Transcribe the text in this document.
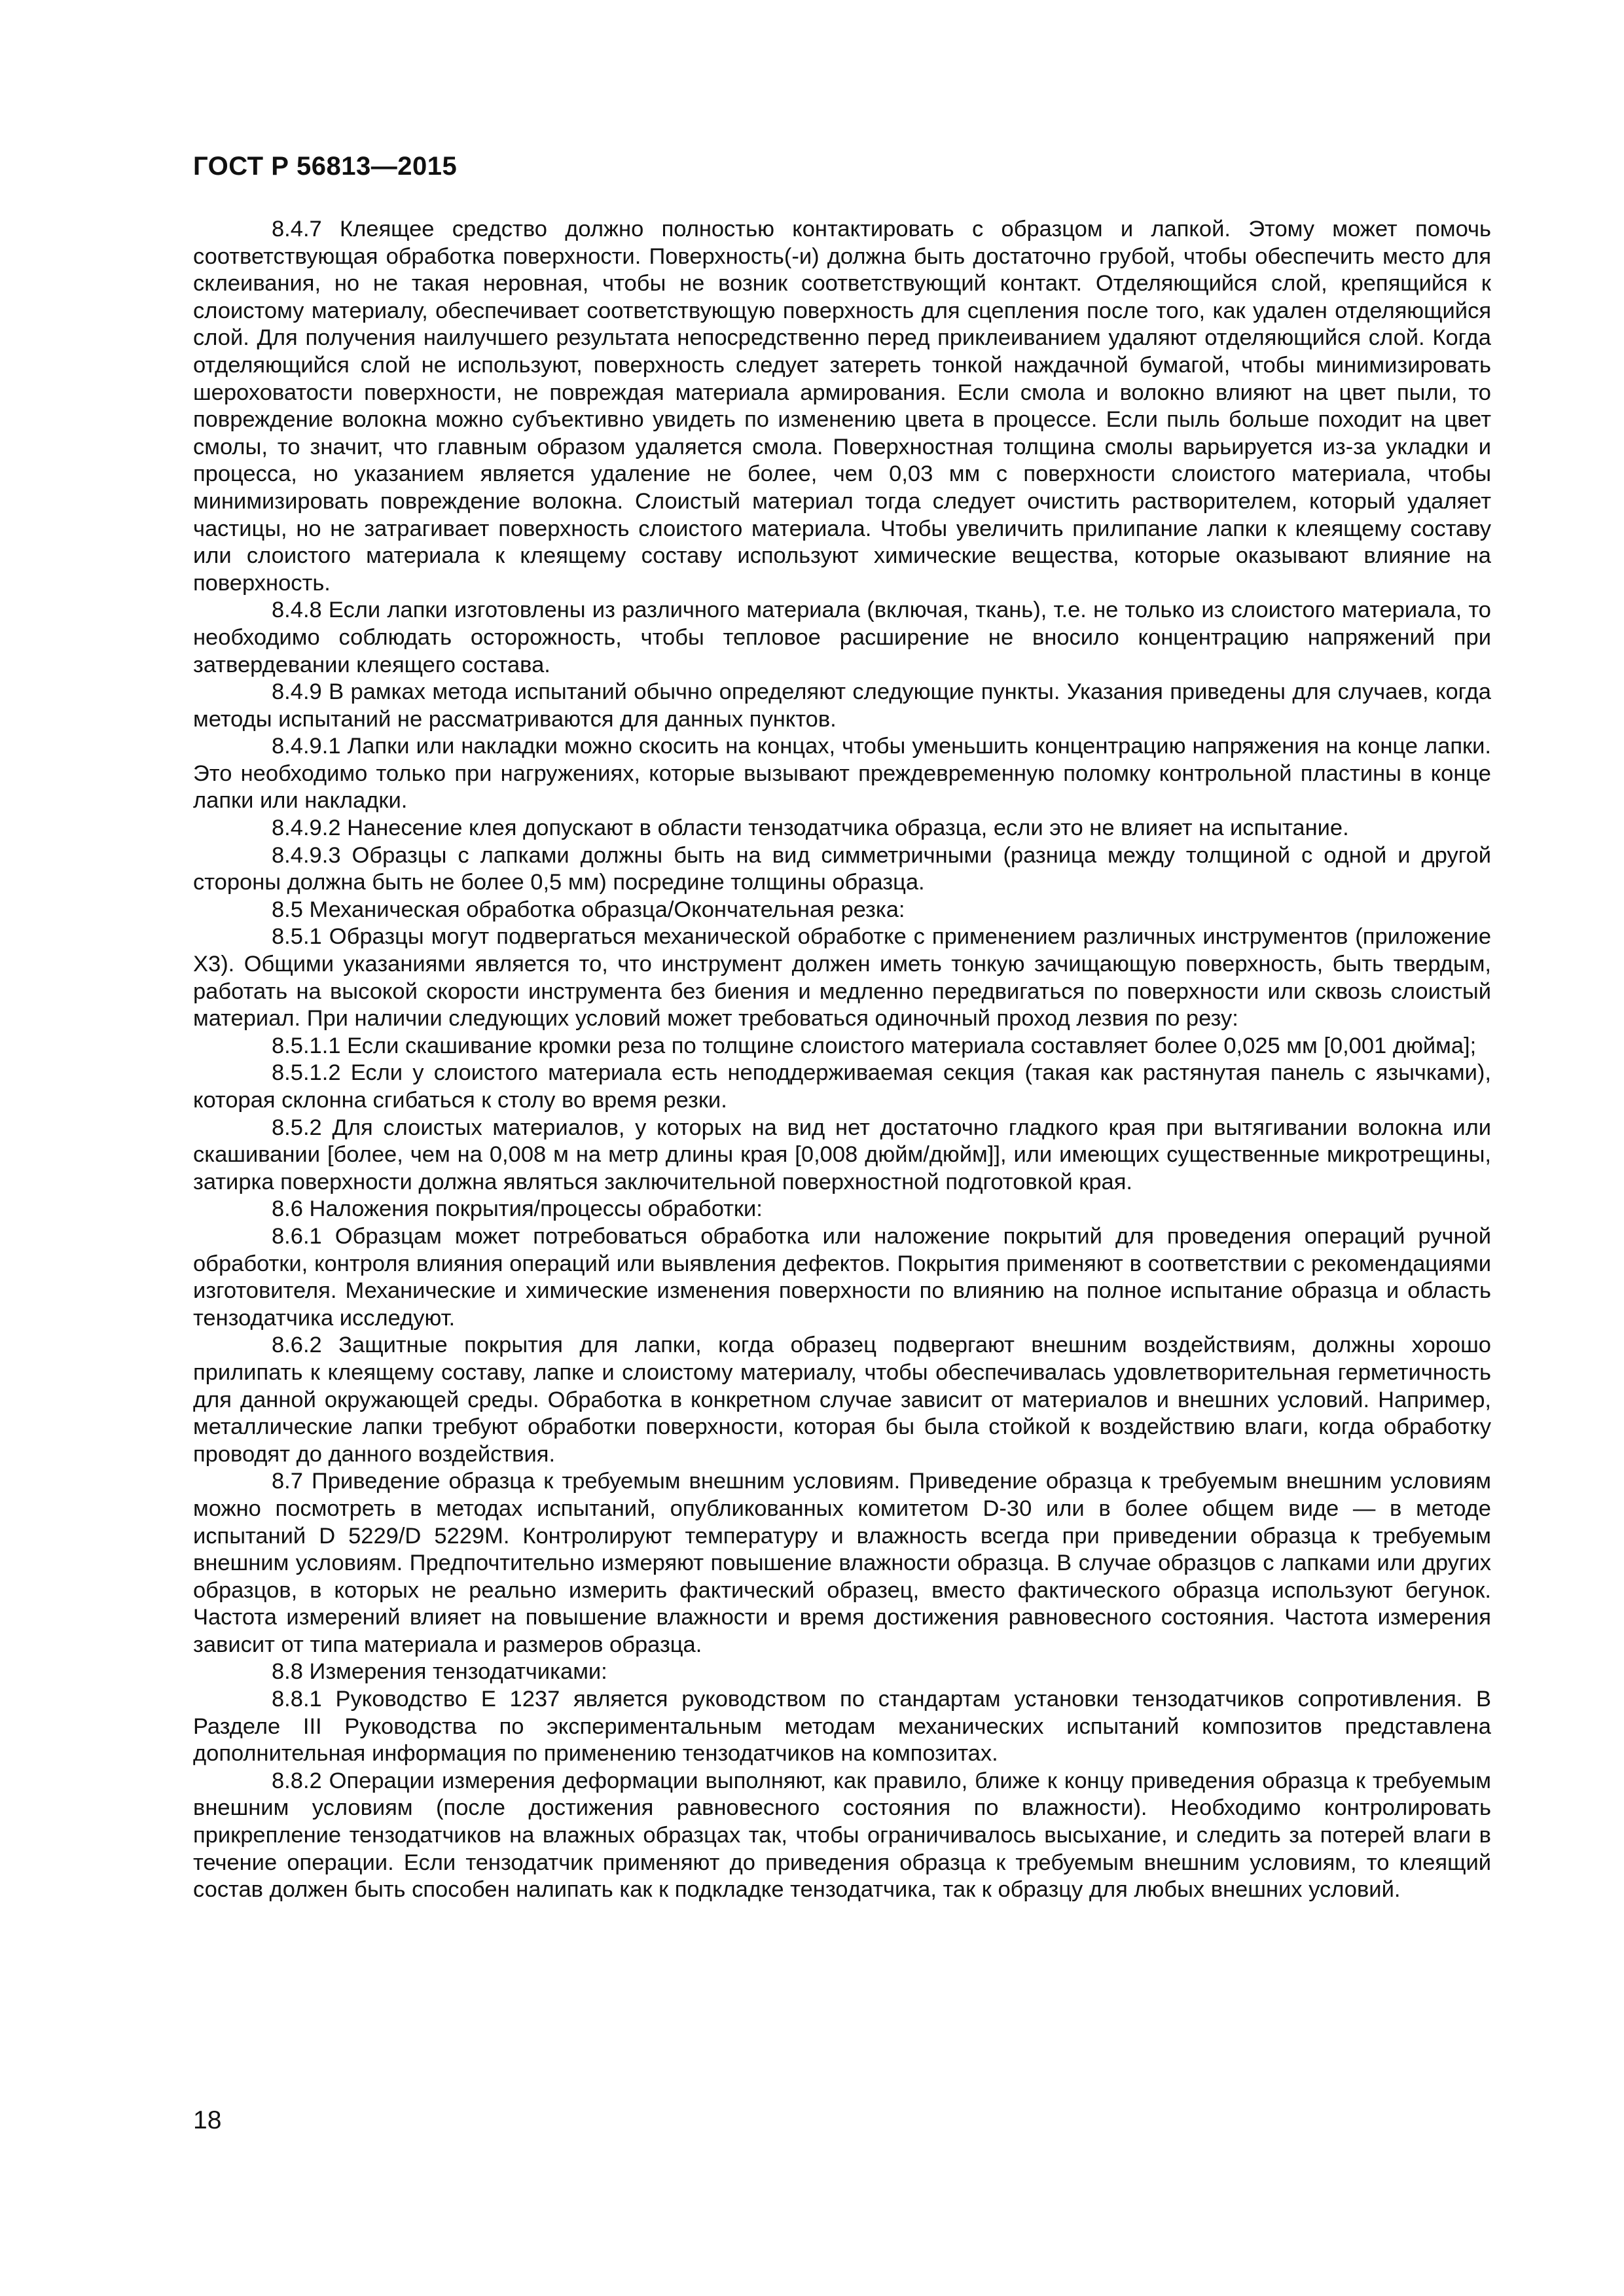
ГОСТ Р 56813—2015

8.4.7 Клеящее средство должно полностью контактировать с образцом и лапкой. Этому может помочь соответствующая обработка поверхности. Поверхность(-и) должна быть достаточно грубой, чтобы обеспечить место для склеивания, но не такая неровная, чтобы не возник соответствующий контакт. Отделяющийся слой, крепящийся к слоистому материалу, обеспечивает соответствующую поверхность для сцепления после того, как удален отделяющийся слой. Для получения наилучшего результата непосредственно перед приклеиванием удаляют отделяющийся слой. Когда отделяющийся слой не используют, поверхность следует затереть тонкой наждачной бумагой, чтобы минимизировать шероховатости поверхности, не повреждая материала армирования. Если смола и волокно влияют на цвет пыли, то повреждение волокна можно субъективно увидеть по изменению цвета в процессе. Если пыль больше походит на цвет смолы, то значит, что главным образом удаляется смола. Поверхностная толщина смолы варьируется из-за укладки и процесса, но указанием является удаление не более, чем 0,03 мм с поверхности слоистого материала, чтобы минимизировать повреждение волокна. Слоистый материал тогда следует очистить растворителем, который удаляет частицы, но не затрагивает поверхность слоистого материала. Чтобы увеличить прилипание лапки к клеящему составу или слоистого материала к клеящему составу используют химические вещества, которые оказывают влияние на поверхность.

8.4.8 Если лапки изготовлены из различного материала (включая, ткань), т.е. не только из слоистого материала, то необходимо соблюдать осторожность, чтобы тепловое расширение не вносило концентрацию напряжений при затвердевании клеящего состава.

8.4.9 В рамках метода испытаний обычно определяют следующие пункты. Указания приведены для случаев, когда методы испытаний не рассматриваются для данных пунктов.

8.4.9.1 Лапки или накладки можно скосить на концах, чтобы уменьшить концентрацию напряжения на конце лапки. Это необходимо только при нагружениях, которые вызывают преждевременную поломку контрольной пластины в конце лапки или накладки.

8.4.9.2 Нанесение клея допускают в области тензодатчика образца, если это не влияет на испытание.

8.4.9.3 Образцы с лапками должны быть на вид симметричными (разница между толщиной с одной и другой стороны должна быть не более 0,5 мм) посредине толщины образца.

8.5 Механическая обработка образца/Окончательная резка:

8.5.1 Образцы могут подвергаться механической обработке с применением различных инструментов (приложение Х3). Общими указаниями является то, что инструмент должен иметь тонкую зачищающую поверхность, быть твердым, работать на высокой скорости инструмента без биения и медленно передвигаться по поверхности или сквозь слоистый материал. При наличии следующих условий может требоваться одиночный проход лезвия по резу:

8.5.1.1 Если скашивание кромки реза по толщине слоистого материала составляет более 0,025 мм [0,001 дюйма];

8.5.1.2 Если у слоистого материала есть неподдерживаемая секция (такая как растянутая панель с язычками), которая склонна сгибаться к столу во время резки.

8.5.2 Для слоистых материалов, у которых на вид нет достаточно гладкого края при вытягивании волокна или скашивании [более, чем на 0,008 м на метр длины края [0,008 дюйм/дюйм]], или имеющих существенные микротрещины, затирка поверхности должна являться заключительной поверхностной подготовкой края.

8.6 Наложения покрытия/процессы обработки:

8.6.1 Образцам может потребоваться обработка или наложение покрытий для проведения операций ручной обработки, контроля влияния операций или выявления дефектов. Покрытия применяют в соответствии с рекомендациями изготовителя. Механические и химические изменения поверхности по влиянию на полное испытание образца и область тензодатчика исследуют.

8.6.2 Защитные покрытия для лапки, когда образец подвергают внешним воздействиям, должны хорошо прилипать к клеящему составу, лапке и слоистому материалу, чтобы обеспечивалась удовлетворительная герметичность для данной окружающей среды. Обработка в конкретном случае зависит от материалов и внешних условий. Например, металлические лапки требуют обработки поверхности, которая бы была стойкой к воздействию влаги, когда обработку проводят до данного воздействия.

8.7 Приведение образца к требуемым внешним условиям. Приведение образца к требуемым внешним условиям можно посмотреть в методах испытаний, опубликованных комитетом D-30 или в более общем виде — в методе испытаний D 5229/D 5229M. Контролируют температуру и влажность всегда при приведении образца к требуемым внешним условиям. Предпочтительно измеряют повышение влажности образца. В случае образцов с лапками или других образцов, в которых не реально измерить фактический образец, вместо фактического образца используют бегунок. Частота измерений влияет на повышение влажности и время достижения равновесного состояния. Частота измерения зависит от типа материала и размеров образца.

8.8 Измерения тензодатчиками:

8.8.1 Руководство Е 1237 является руководством по стандартам установки тензодатчиков сопротивления. В Разделе III Руководства по экспериментальным методам механических испытаний композитов представлена дополнительная информация по применению тензодатчиков на композитах.

8.8.2 Операции измерения деформации выполняют, как правило, ближе к концу приведения образца к требуемым внешним условиям (после достижения равновесного состояния по влажности). Необходимо контролировать прикрепление тензодатчиков на влажных образцах так, чтобы ограничивалось высыхание, и следить за потерей влаги в течение операции. Если тензодатчик применяют до приведения образца к требуемым внешним условиям, то клеящий состав должен быть способен налипать как к подкладке тензодатчика, так к образцу для любых внешних условий.

18
